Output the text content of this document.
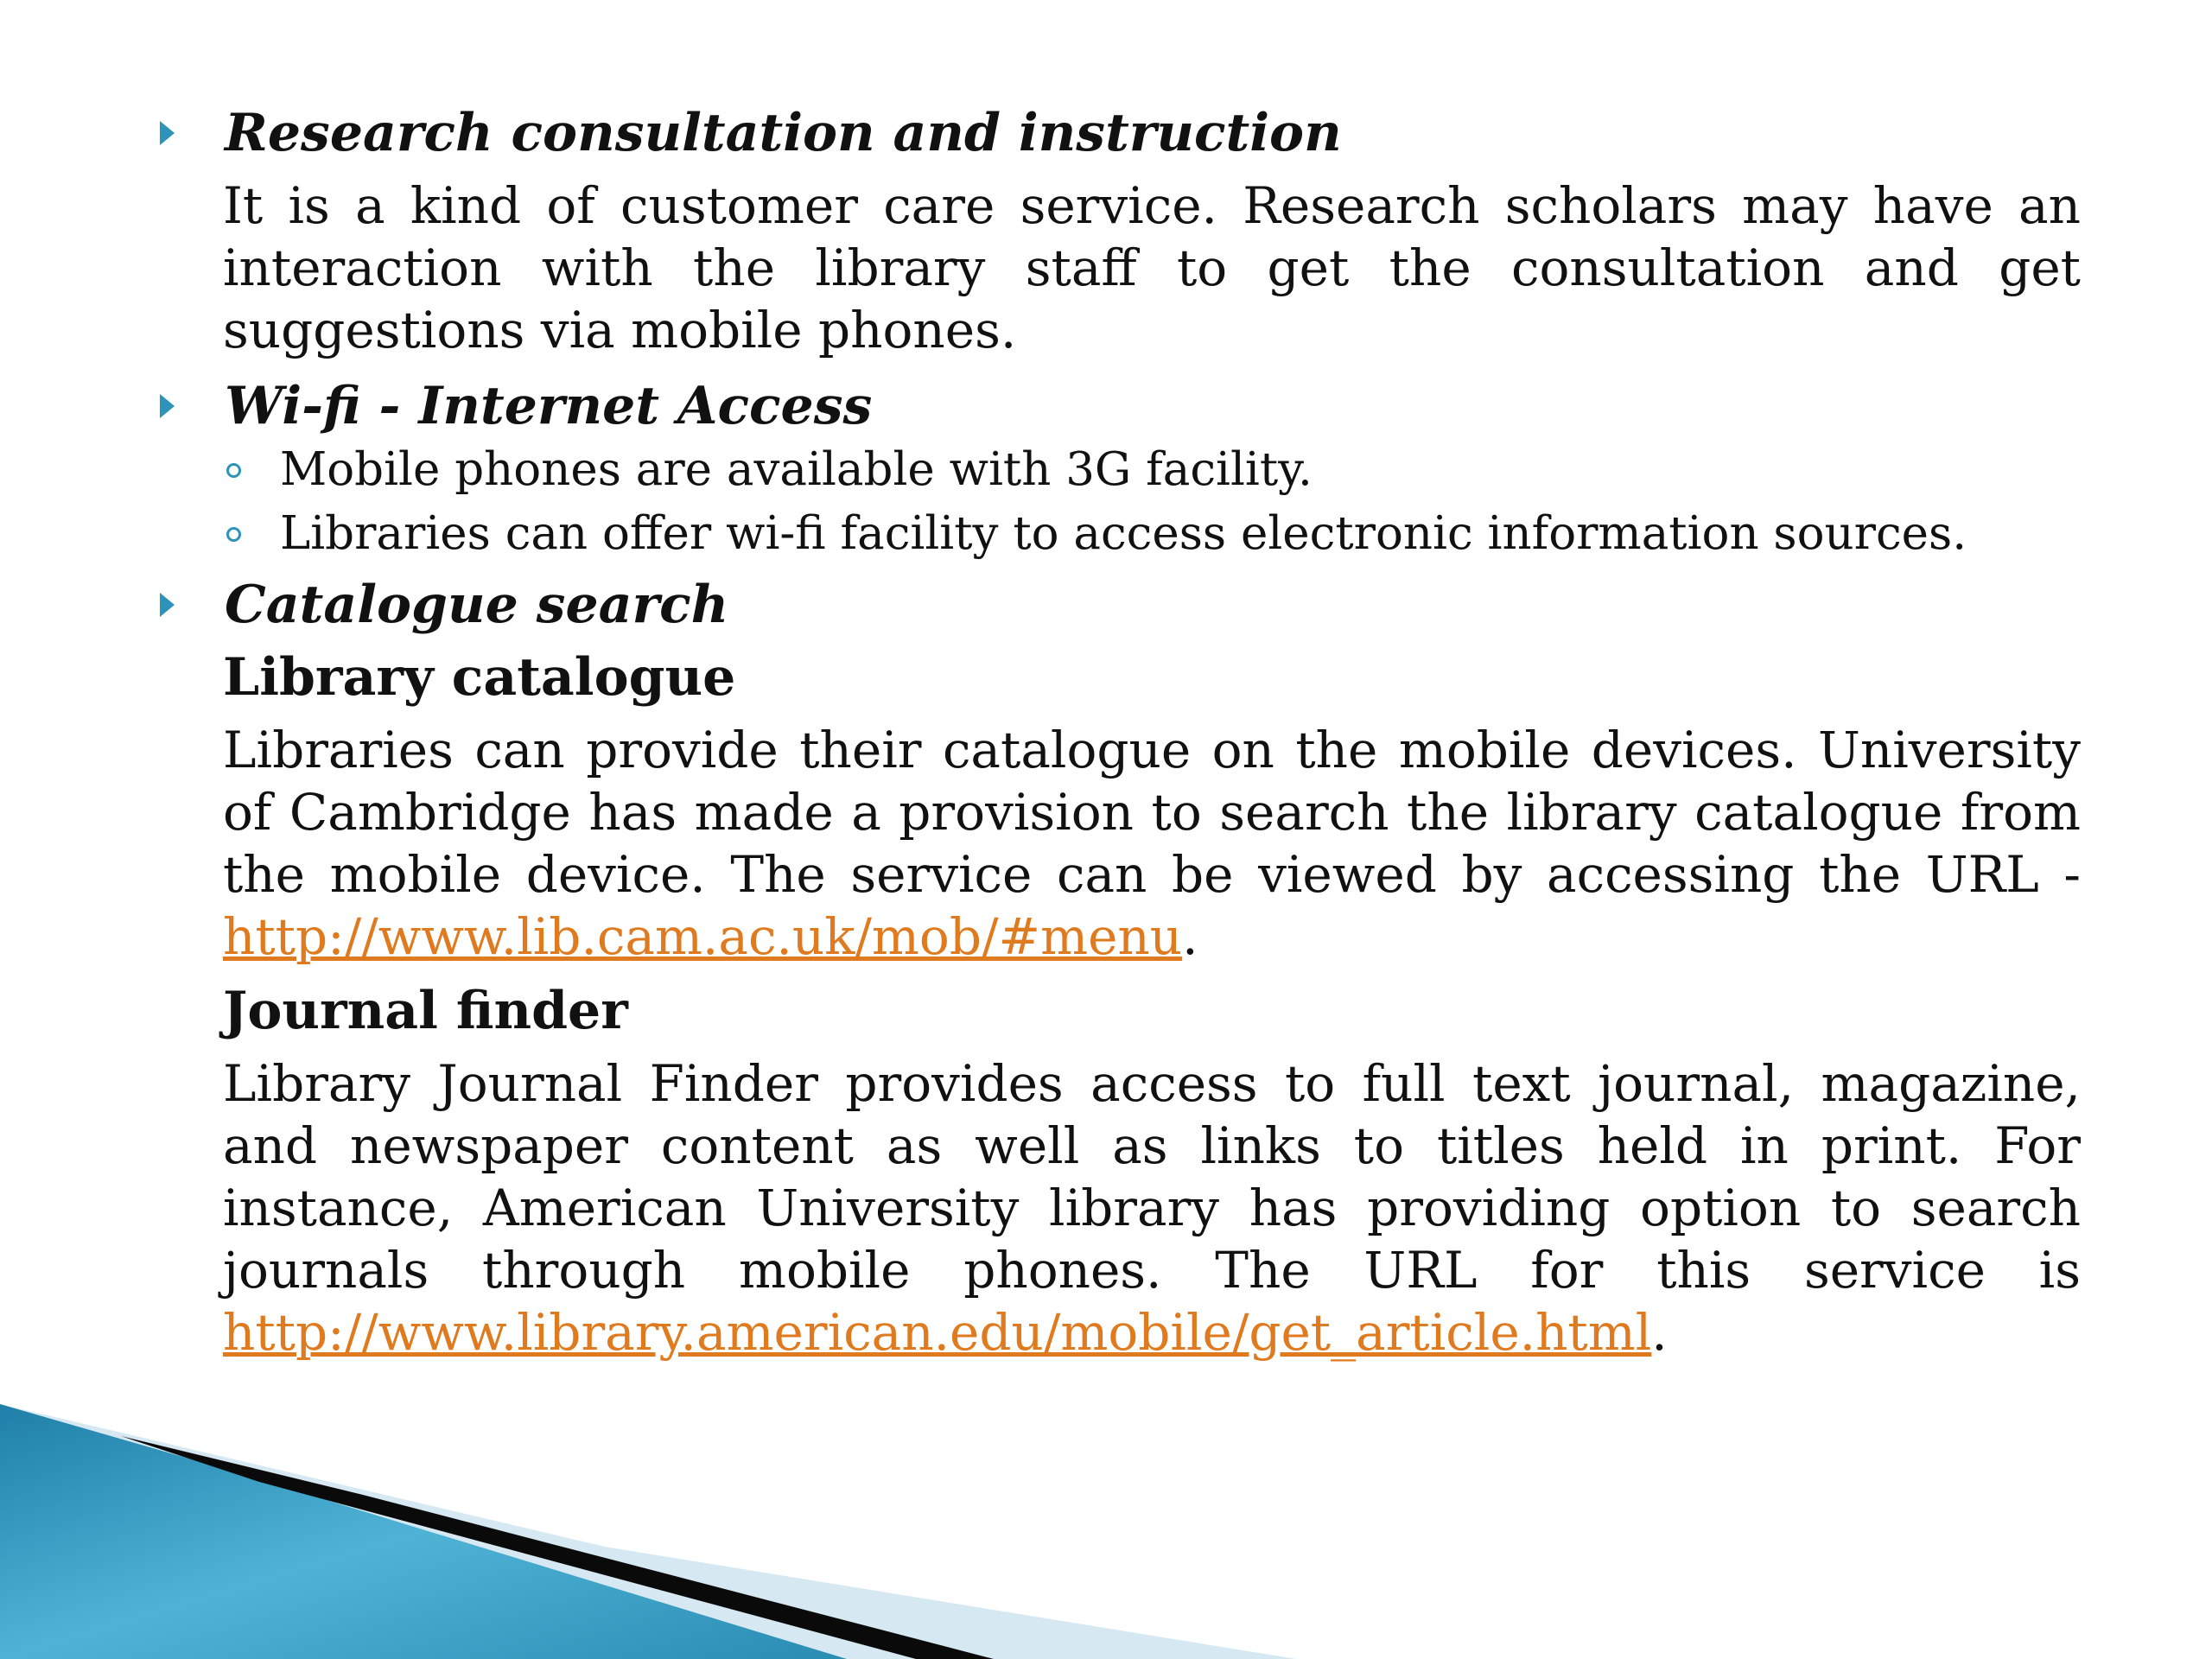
Research consultation and instruction
It is a kind of customer care service. Research scholars may have an interaction with the library staff to get the consultation and get suggestions via mobile phones.
Wi-fi - Internet Access
Mobile phones are available with 3G facility.
Libraries can offer wi-fi facility to access electronic information sources.
Catalogue search
Library catalogue
Libraries can provide their catalogue on the mobile devices. University of Cambridge has made a provision to search the library catalogue from the mobile device. The service can be viewed by accessing the URL - http://www.lib.cam.ac.uk/mob/#menu.
Journal finder
Library Journal Finder provides access to full text journal, magazine, and newspaper content as well as links to titles held in print. For instance, American University library has providing option to search journals through mobile phones. The URL for this service is
http://www.library.american.edu/mobile/get_article.html.
